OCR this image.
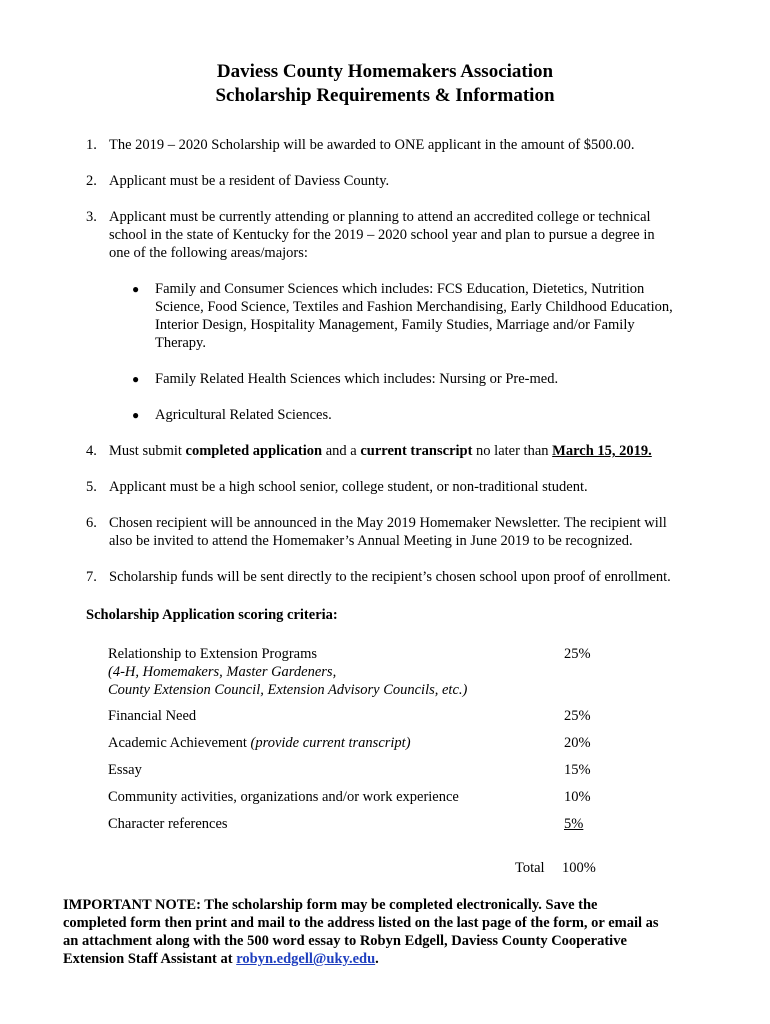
Daviess County Homemakers Association
Scholarship Requirements & Information
1. The 2019 – 2020 Scholarship will be awarded to ONE applicant in the amount of $500.00.
2. Applicant must be a resident of Daviess County.
3. Applicant must be currently attending or planning to attend an accredited college or technical
school in the state of Kentucky for the 2019 – 2020 school year and plan to pursue a degree in
one of the following areas/majors:
● Family and Consumer Sciences which includes: FCS Education, Dietetics, Nutrition
Science, Food Science, Textiles and Fashion Merchandising, Early Childhood Education,
Interior Design, Hospitality Management, Family Studies, Marriage and/or Family
Therapy.
● Family Related Health Sciences which includes: Nursing or Pre-med.
● Agricultural Related Sciences.
4. Must submit completed application and a current transcript no later than March 15, 2019.
5. Applicant must be a high school senior, college student, or non-traditional student.
6. Chosen recipient will be announced in the May 2019 Homemaker Newsletter. The recipient will
also be invited to attend the Homemaker’s Annual Meeting in June 2019 to be recognized.
7. Scholarship funds will be sent directly to the recipient’s chosen school upon proof of enrollment.
Scholarship Application scoring criteria:
Relationship to Extension Programs	25%
(4-H, Homemakers, Master Gardeners,
County Extension Council, Extension Advisory Councils, etc.)
Financial Need	25%
Academic Achievement (provide current transcript)	20%
Essay	15%
Community activities, organizations and/or work experience	10%
Character references	5%
Total 100%
IMPORTANT NOTE: The scholarship form may be completed electronically. Save the
completed form then print and mail to the address listed on the last page of the form, or email as
an attachment along with the 500 word essay to Robyn Edgell, Daviess County Cooperative
Extension Staff Assistant at robyn.edgell@uky.edu.
